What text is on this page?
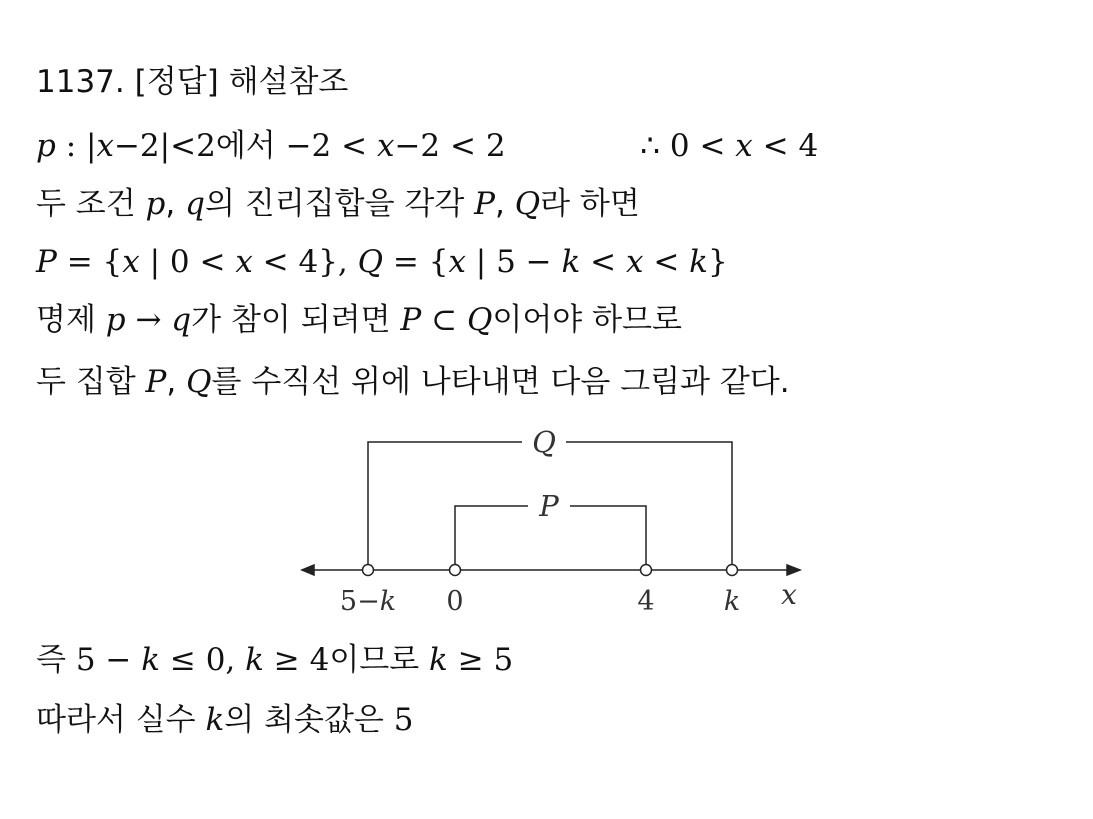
1137. [정답] 해설참조
p : |x−2|<2에서 −2 < x−2 < 2	∴ 0 < x < 4
두 조건 p, q의 진리집합을 각각 P, Q라 하면
P = {x | 0 < x < 4}, Q = {x | 5 − k < x < k}
명제 p → q가 참이 되려면 P ⊂ Q이어야 하므로
두 집합 P, Q를 수직선 위에 나타내면 다음 그림과 같다.
Q
P
x
5−k 0	4	k
즉 5 − k ≤ 0, k ≥ 4이므로 k ≥ 5
따라서 실수 k의 최솟값은 5
